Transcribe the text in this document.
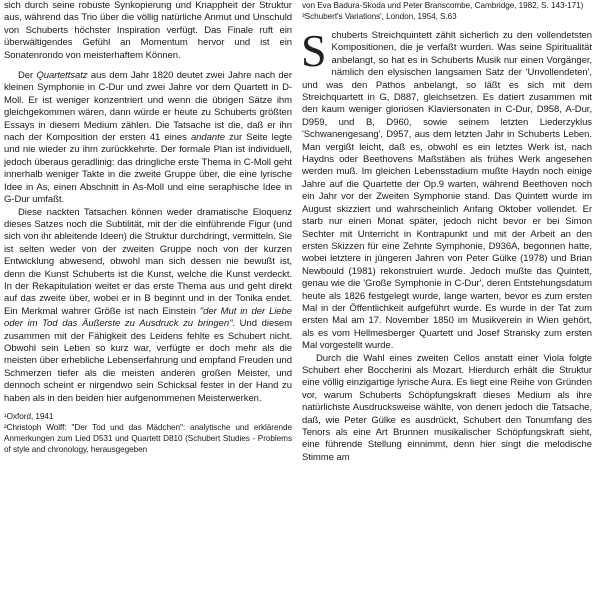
sich durch seine robuste Synkopierung und Knappheit der Struktur aus, während das Trio über die völlig natürliche Anmut und Unschuld von Schuberts höchster Inspiration verfügt. Das Finale ruft ein überwältigendes Gefühl an Momentum hervor und ist ein Sonatenrondo von meisterhaftem Können.

Der Quartettsatz aus dem Jahr 1820 deutet zwei Jahre nach der kleinen Symphonie in C-Dur und zwei Jahre vor dem Quartett in D-Moll. Er ist weniger konzentriert und wenn die übrigen Sätze ihm gleichgekommen wären, dann würde er heute zu Schuberts größten Essays in diesem Medium zählen. Die Tatsache ist die, daß er ihn nach der Komposition der ersten 41 eines andante zur Seite legte und nie wieder zu ihm zurückkehrte. Der formale Plan ist individuell, jedoch überaus geradlinig: das dringliche erste Thema in C-Moll geht innerhalb weniger Takte in die zweite Gruppe über, die eine lyrische Idee in As, einen Abschnitt in As-Moll und eine seraphische Idee in G-Dur umfaßt.

Diese nackten Tatsachen können weder dramatische Eloquenz dieses Satzes noch die Subtilität, mit der die einführende Figur (und sich von ihr ableitende Ideen) die Struktur durchdringt, vermitteln. Sie ist selten weder von der zweiten Gruppe noch von der kurzen Entwicklung abwesend, obwohl man sich dessen nie bewußt ist, denn die Kunst Schuberts ist die Kunst, welche die Kunst verdeckt. In der Rekapitulation weitet er das erste Thema aus und geht direkt auf das zweite über, wobei er in B beginnt und in der Tonika endet. Ein Merkmal wahrer Größe ist nach Einstein "der Mut in der Liebe oder im Tod das Äußerste zu Ausdruck zu bringen". Und diesem zusammen mit der Fähigkeit des Leidens fehlte es Schubert nicht. Obwohl sein Leben so kurz war, verfügte er doch mehr als die meisten über erhebliche Lebenserfahrung und empfand Freuden und Schmerzen tiefer als die meisten anderen großen Meister, und dennoch scheint er nirgendwo sein Schicksal fester in der Hand zu haben als in den beiden hier aufgenommenen Meisterwerken.

¹Oxford, 1941

²Christoph Wolff: "Der Tod und das Mädchen": analytische und erklärende Anmerkungen zum Lied D531 und Quartett D810 (Schubert Studies - Problems of style and chronology, herausgegeben

von Eva Badura-Skoda und Peter Branscombe, Cambridge, 1982, S. 143-171)

³Schubert's Variations', London, 1954, S.63

Schuberts Streichquintett zählt sicherlich zu den vollendetsten Kompositionen, die je verfaßt wurden. Was seine Spiritualität anbelangt, so hat es in Schuberts Musik nur einen Vorgänger, nämlich den elysischen langsamen Satz der 'Unvollendeten', und was den Pathos anbelangt, so läßt es sich mit dem Streichquartett in G, D887, gleichsetzen. Es datiert zusammen mit den kaum weniger gloriosen Klaviersonaten in C-Dur, D958, A-Dur, D959, und B, D960, sowie seinem letzten Liederzyklus 'Schwanengesang', D957, aus dem letzten Jahr in Schuberts Leben. Man vergißt leicht, daß es, obwohl es ein letztes Werk ist, nach Haydns oder Beethovens Maßstäben als frühes Werk angesehen werden muß. Im gleichen Lebensstadium mußte Haydn noch einige Jahre auf die Quartette der Op.9 warten, während Beethoven noch ein Jahr vor der Zweiten Symphonie stand. Das Quintett wurde im August skizziert und wahrscheinlich Anfang Oktober vollendet. Er starb nur einen Monat später, jedoch nicht bevor er bei Simon Sechter mit Unterricht in Kontrapunkt und mit der Arbeit an den ersten Skizzen für eine Zehnte Symphonie, D936A, begonnen hatte, wobei letztere in jüngeren Jahren von Peter Gülke (1978) und Brian Newbould (1981) rekonstruiert wurde. Jedoch mußte das Quintett, genau wie die 'Große Symphonie in C-Dur', deren Entstehungsdatum heute als 1826 festgelegt wurde, lange warten, bevor es zum ersten Mal in der Öffentlichkeit aufgeführt wurde. Es wurde in der Tat zum ersten Mal am 17. November 1850 im Musikverein in Wien gehört, als es vom Hellmesberger Quartett und Josef Stransky zum ersten Mal vorgestellt wurde.

Durch die Wahl eines zweiten Cellos anstatt einer Viola folgte Schubert eher Boccherini als Mozart. Hierdurch erhält die Struktur eine völlig einzigartige lyrische Aura. Es liegt eine Reihe von Gründen vor, warum Schuberts Schöpfungskraft dieses Medium als ihre natürlichste Ausdrucksweise wählte, von denen jedoch die Tatsache, daß, wie Peter Gülke es ausdrückt, Schubert den Tonumfang des Tenors als eine Art Brunnen musikalischer Schöpfungskraft sieht, eine führende Stellung einnimmt, denn hier singt die melodische Stimme am
